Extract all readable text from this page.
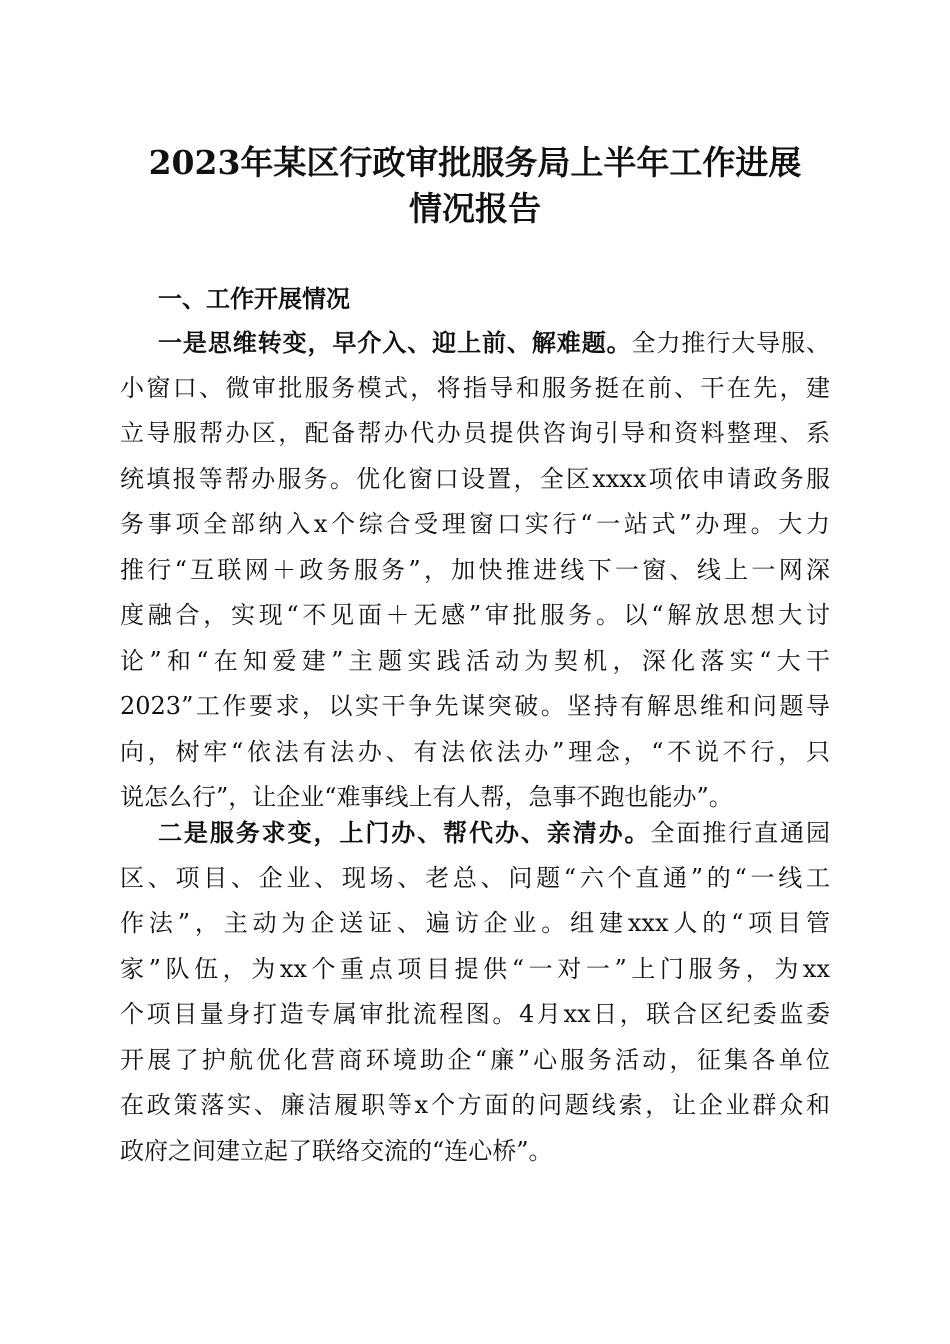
2023年某区行政审批服务局上半年工作进展
情况报告
一、工作开展情况
一是思维转变，早介入、迎上前、解难题。全力推行大导服、
小窗口、微审批服务模式，将指导和服务挺在前、干在先，建
立导服帮办区，配备帮办代办员提供咨询引导和资料整理、系
统填报等帮办服务。优化窗口设置，全区xxxx项依申请政务服
务事项全部纳入x个综合受理窗口实行“一站式”办理。大力
推行“互联网＋政务服务”，加快推进线下一窗、线上一网深
度融合，实现“不见面＋无感”审批服务。以“解放思想大讨
论”和“在知爱建”主题实践活动为契机，深化落实“大干
2023”工作要求，以实干争先谋突破。坚持有解思维和问题导
向，树牢“依法有法办、有法依法办”理念，“不说不行，只
说怎么行”，让企业“难事线上有人帮，急事不跑也能办”。
二是服务求变，上门办、帮代办、亲清办。全面推行直通园
区、项目、企业、现场、老总、问题“六个直通”的“一线工
作法”，主动为企送证、遍访企业。组建xxx人的“项目管
家”队伍，为xx个重点项目提供“一对一”上门服务，为xx
个项目量身打造专属审批流程图。4月xx日，联合区纪委监委
开展了护航优化营商环境助企“廉”心服务活动，征集各单位
在政策落实、廉洁履职等x个方面的问题线索，让企业群众和
政府之间建立起了联络交流的“连心桥”。
